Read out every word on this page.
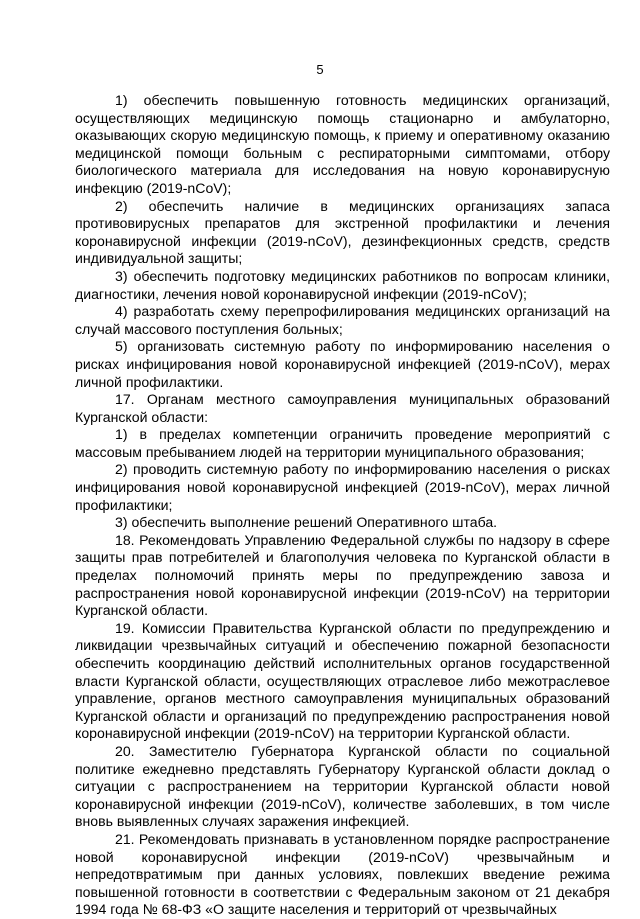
5

1) обеспечить повышенную готовность медицинских организаций, осуществляющих медицинскую помощь стационарно и амбулаторно, оказывающих скорую медицинскую помощь, к приему и оперативному оказанию медицинской помощи больным с респираторными симптомами, отбору биологического материала для исследования на новую коронавирусную инфекцию (2019-nCoV);

2) обеспечить наличие в медицинских организациях запаса противовирусных препаратов для экстренной профилактики и лечения коронавирусной инфекции (2019-nCoV), дезинфекционных средств, средств индивидуальной защиты;

3) обеспечить подготовку медицинских работников по вопросам клиники, диагностики, лечения новой коронавирусной инфекции (2019-nCoV);

4) разработать схему перепрофилирования медицинских организаций на случай массового поступления больных;

5) организовать системную работу по информированию населения о рисках инфицирования новой коронавирусной инфекцией (2019-nCoV), мерах личной профилактики.

17. Органам местного самоуправления муниципальных образований Курганской области:

1) в пределах компетенции ограничить проведение мероприятий с массовым пребыванием людей на территории муниципального образования;

2) проводить системную работу по информированию населения о рисках инфицирования новой коронавирусной инфекцией (2019-nCoV), мерах личной профилактики;

3) обеспечить выполнение решений Оперативного штаба.

18. Рекомендовать Управлению Федеральной службы по надзору в сфере защиты прав потребителей и благополучия человека по Курганской области в пределах полномочий принять меры по предупреждению завоза и распространения новой коронавирусной инфекции (2019-nCoV) на территории Курганской области.

19. Комиссии Правительства Курганской области по предупреждению и ликвидации чрезвычайных ситуаций и обеспечению пожарной безопасности обеспечить координацию действий исполнительных органов государственной власти Курганской области, осуществляющих отраслевое либо межотраслевое управление, органов местного самоуправления муниципальных образований Курганской области и организаций по предупреждению распространения новой коронавирусной инфекции (2019-nCoV) на территории Курганской области.

20. Заместителю Губернатора Курганской области по социальной политике ежедневно представлять Губернатору Курганской области доклад о ситуации с распространением на территории Курганской области новой коронавирусной инфекции (2019-nCoV), количестве заболевших, в том числе вновь выявленных случаях заражения инфекцией.

21. Рекомендовать признавать в установленном порядке распространение новой коронавирусной инфекции (2019-nCoV) чрезвычайным и непредотвратимым при данных условиях, повлекших введение режима повышенной готовности в соответствии с Федеральным законом от 21 декабря 1994 года № 68-ФЗ «О защите населения и территорий от чрезвычайных
